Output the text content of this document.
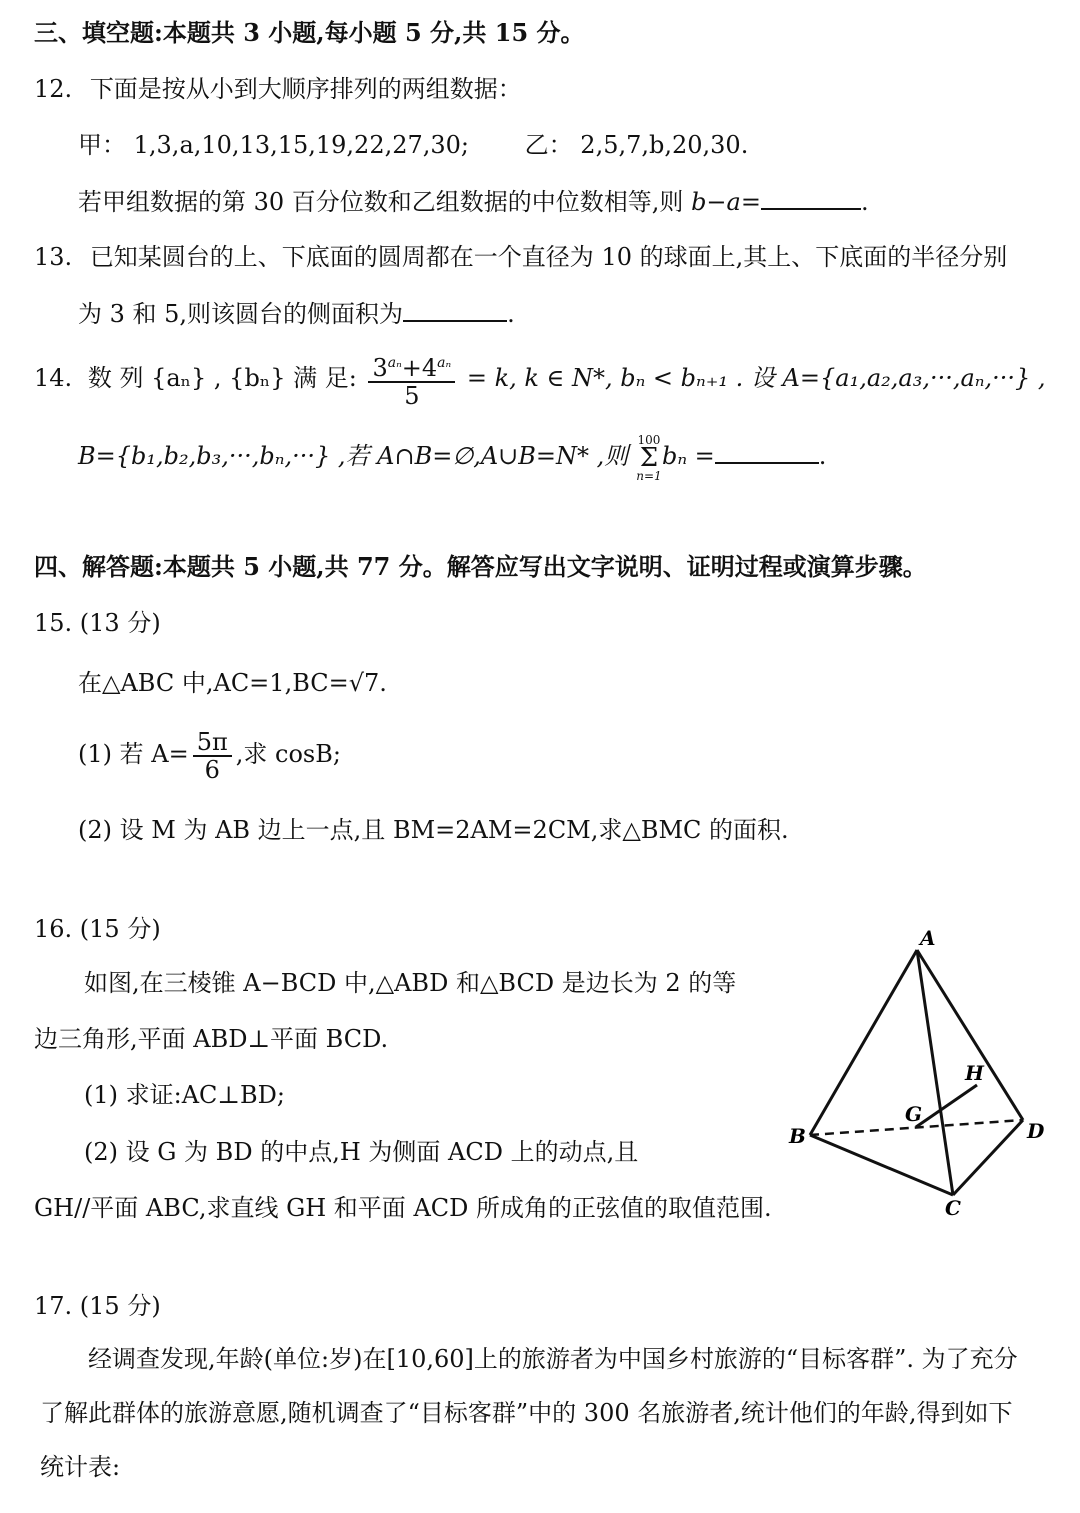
三、填空题:本题共 3 小题,每小题 5 分,共 15 分。
12. 下面是按从小到大顺序排列的两组数据：
甲： 1,3,a,10,13,15,19,22,27,30; 乙： 2,5,7,b,20,30.
若甲组数据的第 30 百分位数和乙组数据的中位数相等,则 b−a=	.
13. 已知某圆台的上、下底面的圆周都在一个直径为 10 的球面上,其上、下底面的半径分别
为 3 和 5,则该圆台的侧面积为	.
14. 数 列 {aₙ} , {bₙ} 满 足: $\frac{3^{a_n}+4^{a_n}}{5} = k$, k ∈ N*, bₙ < bₙ₊₁ . 设 A={a₁,a₂,a₃,···,aₙ,···} ,
B={b₁,b₂,b₃,···,bₙ,···} ,若 A∩B=∅,A∪B=N* ,则
100
Σ
n=1
bₙ =	.
四、解答题:本题共 5 小题,共 77 分。解答应写出文字说明、证明过程或演算步骤。
15. (13 分)
在△ABC 中,AC=1,BC=√7.
(1) 若 $A= \frac{5\pi}{6}$ ,求 cosB;
(2) 设 M 为 AB 边上一点,且 BM=2AM=2CM,求△BMC 的面积.
16. (15 分)
如图,在三棱锥 A−BCD 中,△ABD 和△BCD 是边长为 2 的等
边三角形,平面 ABD⊥平面 BCD.
(1) 求证:AC⊥BD;
(2) 设 G 为 BD 的中点,H 为侧面 ACD 上的动点,且
GH//平面 ABC,求直线 GH 和平面 ACD 所成角的正弦值的取值范围.
A
B
C
D
G
H
17. (15 分)
经调查发现,年龄(单位:岁)在[10,60]上的旅游者为中国乡村旅游的“目标客群”. 为了充分
了解此群体的旅游意愿,随机调查了“目标客群”中的 300 名旅游者,统计他们的年龄,得到如下
统计表:
